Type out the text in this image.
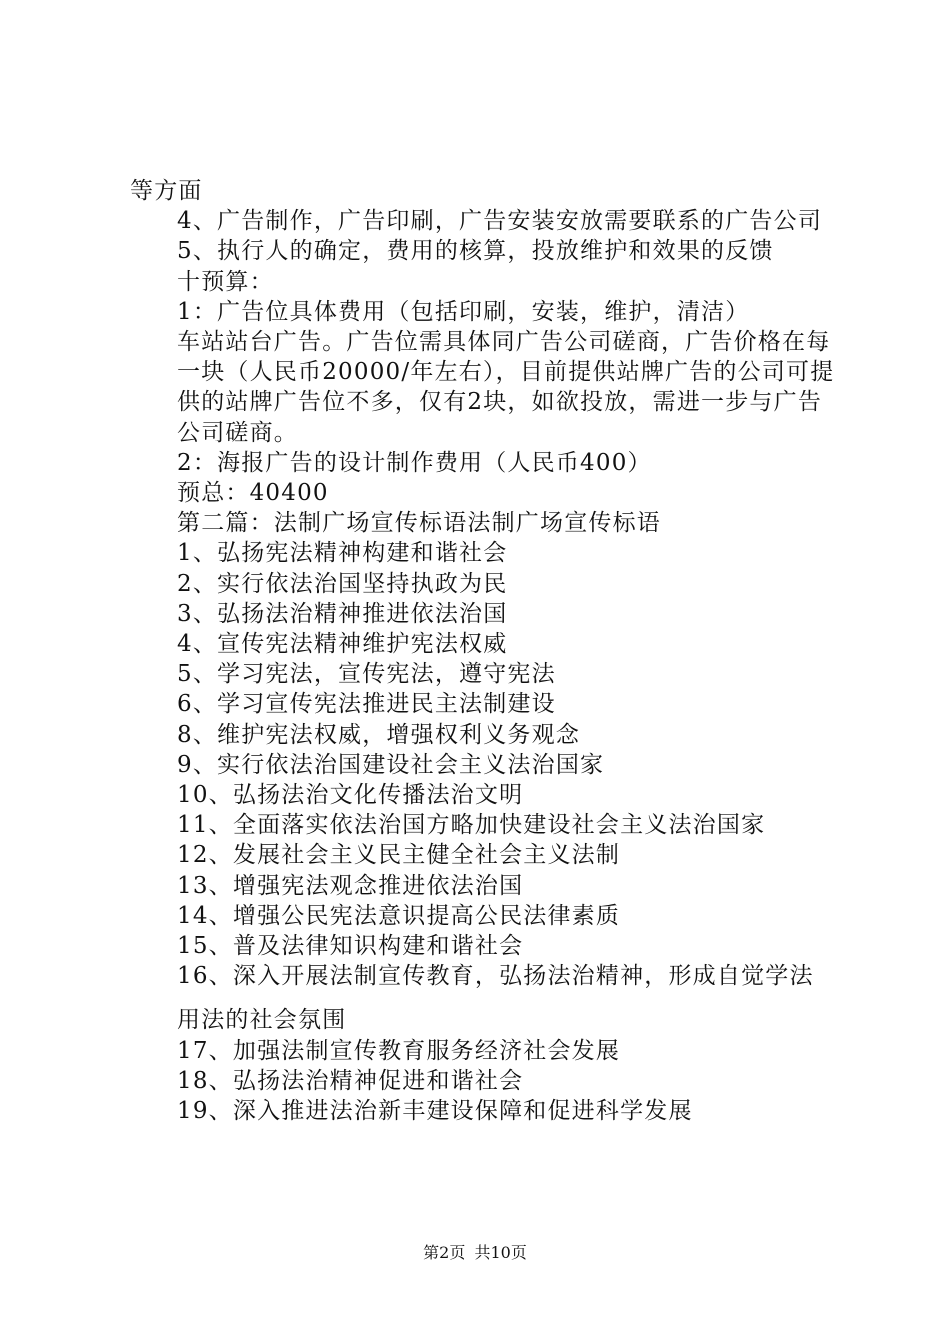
等方面

4、广告制作，广告印刷，广告安装安放需要联系的广告公司

5、执行人的确定，费用的核算，投放维护和效果的反馈

十预算：

1：广告位具体费用（包括印刷，安装，维护，清洁）

车站站台广告。广告位需具体同广告公司磋商，广告价格在每一块（人民币20000/年左右），目前提供站牌广告的公司可提供的站牌广告位不多，仅有2块，如欲投放，需进一步与广告公司磋商。

2：海报广告的设计制作费用（人民币400）

预总：40400

第二篇：法制广场宣传标语法制广场宣传标语

1、弘扬宪法精神构建和谐社会

2、实行依法治国坚持执政为民

3、弘扬法治精神推进依法治国

4、宣传宪法精神维护宪法权威

5、学习宪法，宣传宪法，遵守宪法

6、学习宣传宪法推进民主法制建设

8、维护宪法权威，增强权利义务观念

9、实行依法治国建设社会主义法治国家

10、弘扬法治文化传播法治文明

11、全面落实依法治国方略加快建设社会主义法治国家

12、发展社会主义民主健全社会主义法制

13、增强宪法观念推进依法治国

14、增强公民宪法意识提高公民法律素质

15、普及法律知识构建和谐社会

16、深入开展法制宣传教育，弘扬法治精神，形成自觉学法

用法的社会氛围

17、加强法制宣传教育服务经济社会发展

18、弘扬法治精神促进和谐社会

19、深入推进法治新丰建设保障和促进科学发展

第2页 共10页
